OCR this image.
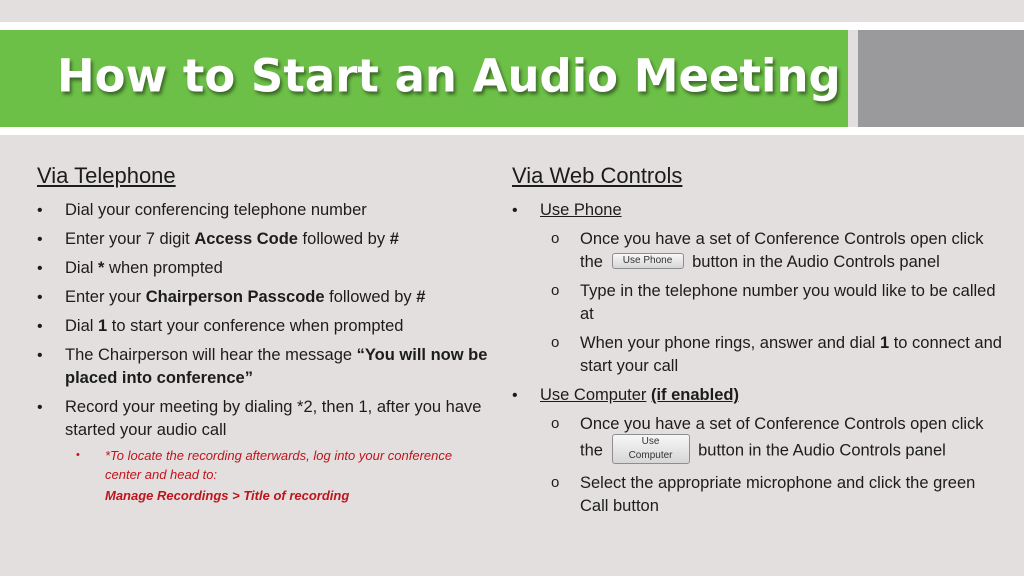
How to Start an Audio Meeting
Via Telephone
• Dial your conferencing telephone number
• Enter your 7 digit Access Code followed by #
• Dial * when prompted
• Enter your Chairperson Passcode followed by #
• Dial 1 to start your conference when prompted
• The Chairperson will hear the message “You will now be placed into conference”
• Record your meeting by dialing *2, then 1, after you have started your audio call
• *To locate the recording afterwards, log into your conference center and head to:
Manage Recordings > Title of recording
Via Web Controls
• Use Phone
o Once you have a set of Conference Controls open click the Use Phone button in the Audio Controls panel
o Type in the telephone number you would like to be called at
o When your phone rings, answer and dial 1 to connect and start your call
• Use Computer (if enabled)
o Once you have a set of Conference Controls open click the	Use Computer button in the Audio Controls panel
o Select the appropriate microphone and click the green Call button
